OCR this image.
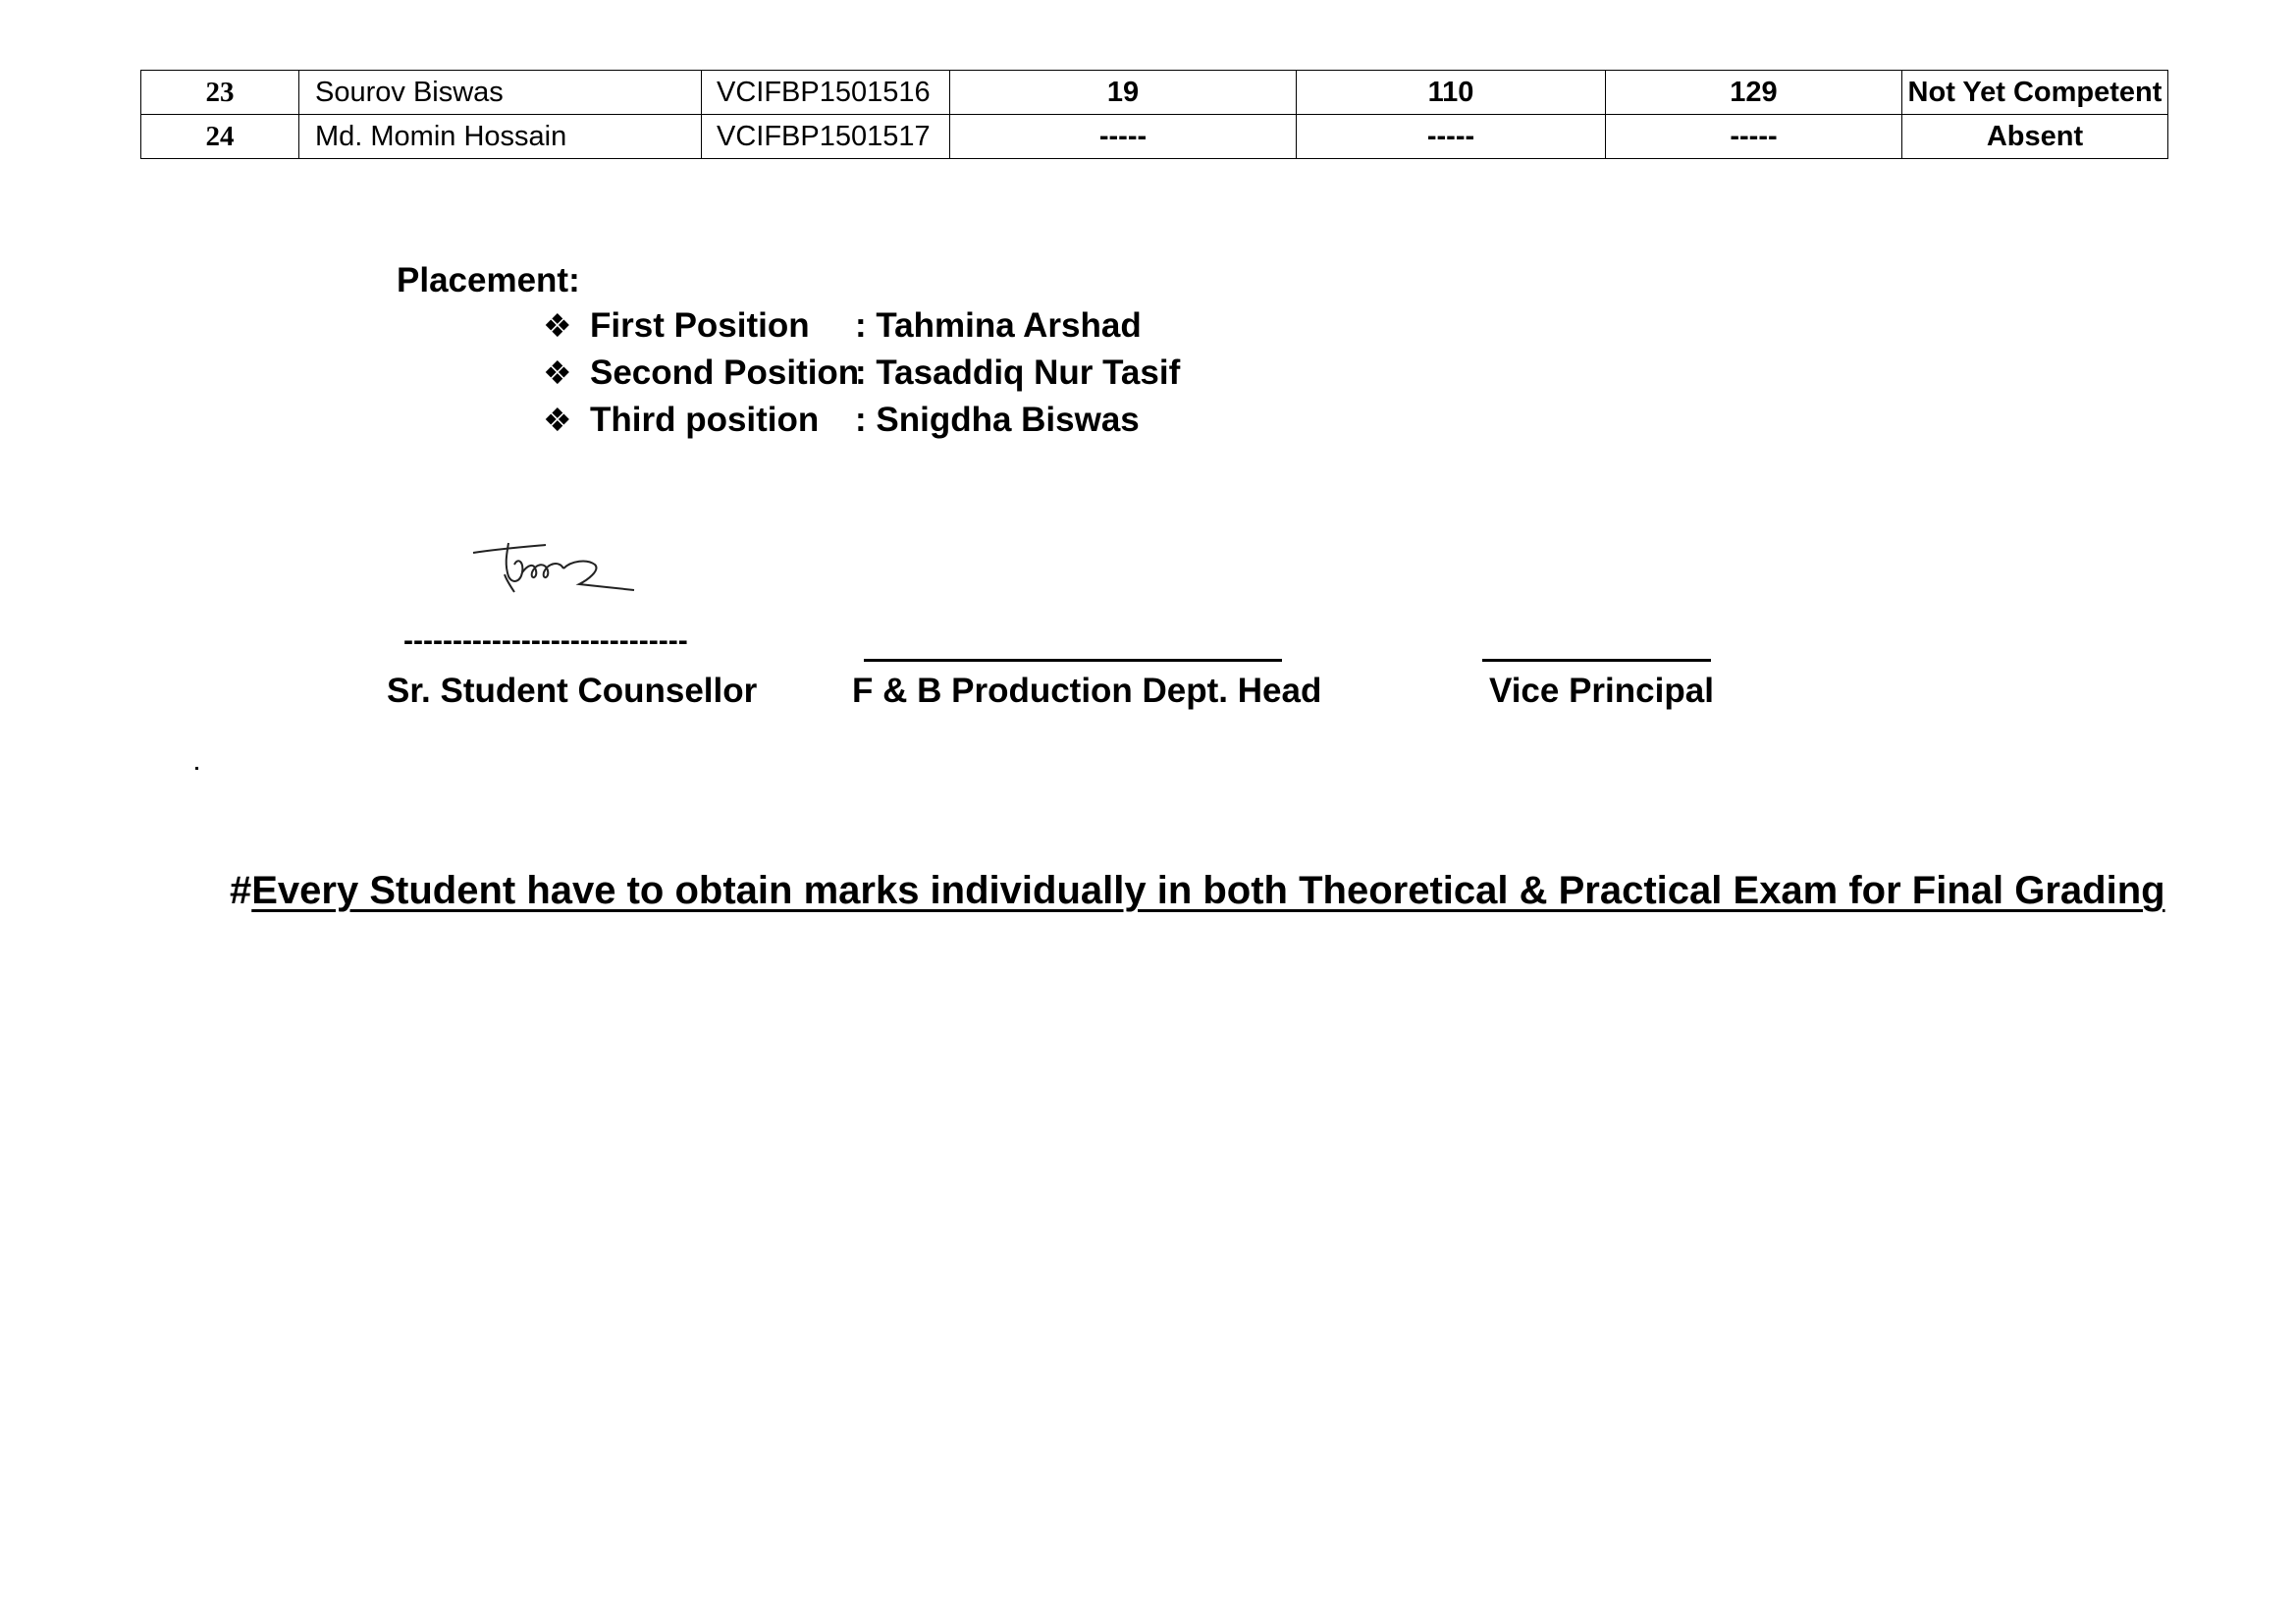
23	Sourov Biswas	VCIFBP1501516	19	110	129	Not Yet Competent
24	Md. Momin Hossain	VCIFBP1501517	-----	-----	-----	Absent
Placement:
❖ First Position : Tahmina Arshad
❖ Second Position: Tasaddiq Nur Tasif
❖ Third position : Snigdha Biswas
-----------------------------
Sr. Student Counsellor	F & B Production Dept. Head	Vice Principal
#Every Student have to obtain marks individually in both Theoretical & Practical Exam for Final Grading
